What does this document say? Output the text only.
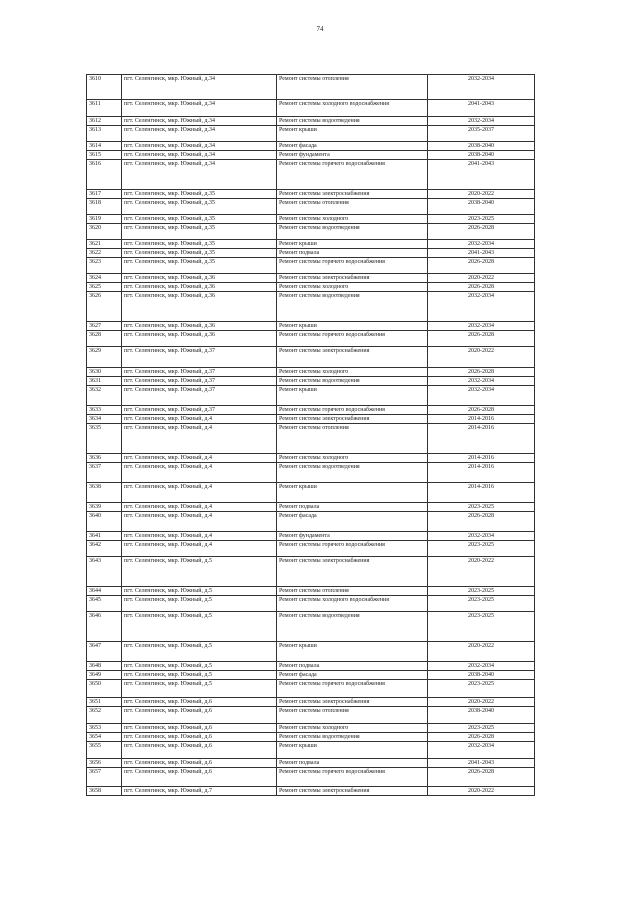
74
3610	пгт. Селенгинск, мкр. Южный, д.34	Ремонт системы отопления	2032-2034
3611	пгт. Селенгинск, мкр. Южный, д.34	Ремонт системы холодного водоснабжения	2041-2043
3612	пгт. Селенгинск, мкр. Южный, д.34	Ремонт системы водоотведения	2032-2034
3613	пгт. Селенгинск, мкр. Южный, д.34	Ремонт крыши	2035-2037
3614	пгт. Селенгинск, мкр. Южный, д.34	Ремонт фасада	2038-2040
3615	пгт. Селенгинск, мкр. Южный, д.34	Ремонт фундамента	2038-2040
3616	пгт. Селенгинск, мкр. Южный, д.34	Ремонт системы горячего водоснабжения	2041-2043
3617	пгт. Селенгинск, мкр. Южный, д.35	Ремонт системы электроснабжения	2020-2022
3618	пгт. Селенгинск, мкр. Южный, д.35	Ремонт системы отопления	2038-2040
3619	пгт. Селенгинск, мкр. Южный, д.35	Ремонт системы холодного	2023-2025
3620	пгт. Селенгинск, мкр. Южный, д.35	Ремонт системы водоотведения	2026-2028
3621	пгт. Селенгинск, мкр. Южный, д.35	Ремонт крыши	2032-2034
3622	пгт. Селенгинск, мкр. Южный, д.35	Ремонт подвала	2041-2043
3623	пгт. Селенгинск, мкр. Южный, д.35	Ремонт системы горячего водоснабжения	2026-2028
3624	пгт. Селенгинск, мкр. Южный, д.36	Ремонт системы электроснабжения	2020-2022
3625	пгт. Селенгинск, мкр. Южный, д.36	Ремонт системы холодного	2026-2028
3626	пгт. Селенгинск, мкр. Южный, д.36	Ремонт системы водоотведения	2032-2034
3627	пгт. Селенгинск, мкр. Южный, д.36	Ремонт крыши	2032-2034
3628	пгт. Селенгинск, мкр. Южный, д.36	Ремонт системы горячего водоснабжения	2026-2028
3629	пгт. Селенгинск, мкр. Южный, д.37	Ремонт системы электроснабжения	2020-2022
3630	пгт. Селенгинск, мкр. Южный, д.37	Ремонт системы холодного	2026-2028
3631	пгт. Селенгинск, мкр. Южный, д.37	Ремонт системы водоотведения	2032-2034
3632	пгт. Селенгинск, мкр. Южный, д.37	Ремонт крыши	2032-2034
3633	пгт. Селенгинск, мкр. Южный, д.37	Ремонт системы горячего водоснабжения	2026-2028
3634	пгт. Селенгинск, мкр. Южный, д.4	Ремонт системы электроснабжения	2014-2016
3635	пгт. Селенгинск, мкр. Южный, д.4	Ремонт системы отопления	2014-2016
3636	пгт. Селенгинск, мкр. Южный, д.4	Ремонт системы холодного	2014-2016
3637	пгт. Селенгинск, мкр. Южный, д.4	Ремонт системы водоотведения	2014-2016
3638	пгт. Селенгинск, мкр. Южный, д.4	Ремонт крыши	2014-2016
3639	пгт. Селенгинск, мкр. Южный, д.4	Ремонт подвала	2023-2025
3640	пгт. Селенгинск, мкр. Южный, д.4	Ремонт фасада	2026-2028
3641	пгт. Селенгинск, мкр. Южный, д.4	Ремонт фундамента	2032-2034
3642	пгт. Селенгинск, мкр. Южный, д.4	Ремонт системы горячего водоснабжения	2023-2025
3643	пгт. Селенгинск, мкр. Южный, д.5	Ремонт системы электроснабжения	2020-2022
3644	пгт. Селенгинск, мкр. Южный, д.5	Ремонт системы отопления	2023-2025
3645	пгт. Селенгинск, мкр. Южный, д.5	Ремонт системы холодного водоснабжения	2023-2025
3646	пгт. Селенгинск, мкр. Южный, д.5	Ремонт системы водоотведения	2023-2025
3647	пгт. Селенгинск, мкр. Южный, д.5	Ремонт крыши	2020-2022
3648	пгт. Селенгинск, мкр. Южный, д.5	Ремонт подвала	2032-2034
3649	пгт. Селенгинск, мкр. Южный, д.5	Ремонт фасада	2038-2040
3650	пгт. Селенгинск, мкр. Южный, д.5	Ремонт системы горячего водоснабжения	2023-2025
3651	пгт. Селенгинск, мкр. Южный, д.6	Ремонт системы электроснабжения	2020-2022
3652	пгт. Селенгинск, мкр. Южный, д.6	Ремонт системы отопления	2038-2040
3653	пгт. Селенгинск, мкр. Южный, д.6	Ремонт системы холодного	2023-2025
3654	пгт. Селенгинск, мкр. Южный, д.6	Ремонт системы водоотведения	2026-2028
3655	пгт. Селенгинск, мкр. Южный, д.6	Ремонт крыши	2032-2034
3656	пгт. Селенгинск, мкр. Южный, д.6	Ремонт подвала	2041-2043
3657	пгт. Селенгинск, мкр. Южный, д.6	Ремонт системы горячего водоснабжения	2026-2028
3658	пгт. Селенгинск, мкр. Южный, д.7	Ремонт системы электроснабжения	2020-2022
